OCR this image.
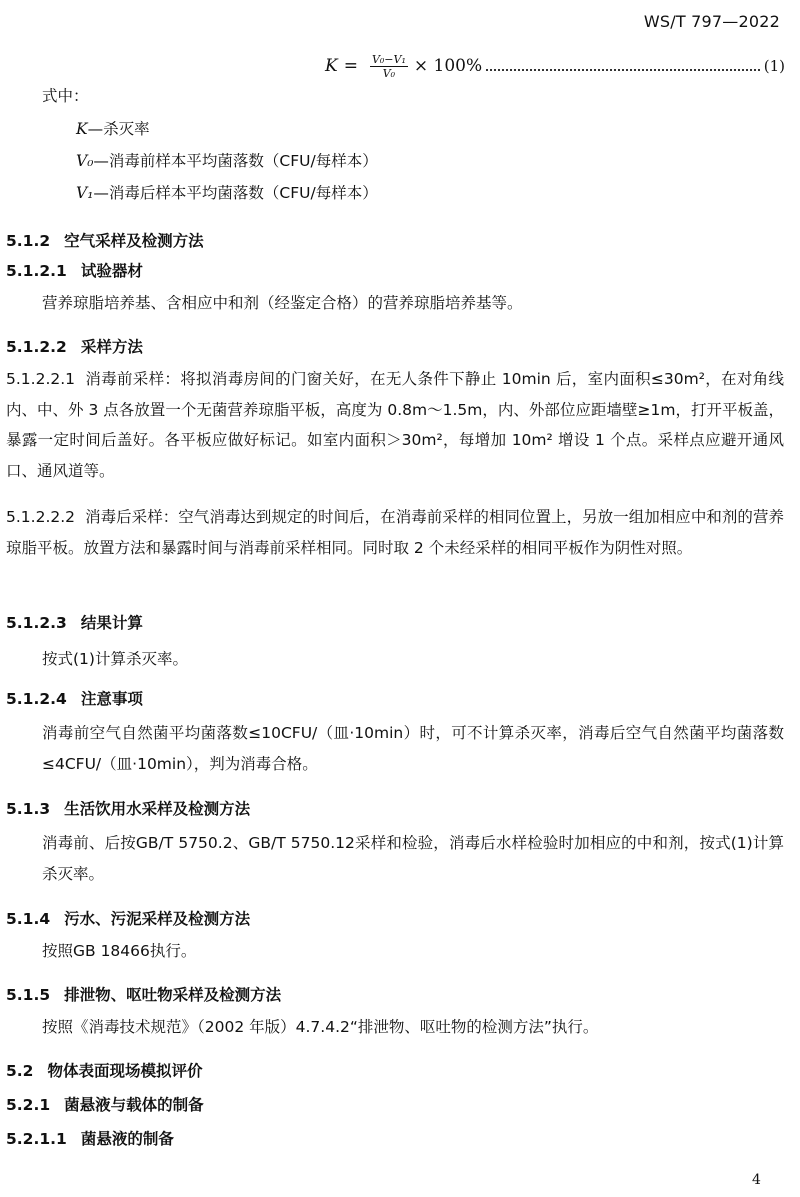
WS/T 797—2022
$K = \frac{\text{V₀−V₁}}{\text{V₀}} \times 100\%$	(1)
式中：
K—杀灭率
V₀—消毒前样本平均菌落数（CFU/每样本）
V₁—消毒后样本平均菌落数（CFU/每样本）
5.1.2 空气采样及检测方法
5.1.2.1 试验器材
营养琼脂培养基、含相应中和剂（经鉴定合格）的营养琼脂培养基等。
5.1.2.2 采样方法
5.1.2.2.1 消毒前采样：将拟消毒房间的门窗关好，在无人条件下静止 10min 后，室内面积≤30m²，在对角线内、中、外 3 点各放置一个无菌营养琼脂平板，高度为 0.8m～1.5m，内、外部位应距墙壁≥1m，打开平板盖，暴露一定时间后盖好。各平板应做好标记。如室内面积＞30m²，每增加 10m² 增设 1 个点。采样点应避开通风口、通风道等。
5.1.2.2.2 消毒后采样：空气消毒达到规定的时间后，在消毒前采样的相同位置上，另放一组加相应中和剂的营养琼脂平板。放置方法和暴露时间与消毒前采样相同。同时取 2 个未经采样的相同平板作为阴性对照。
5.1.2.3 结果计算
按式(1)计算杀灭率。
5.1.2.4 注意事项
消毒前空气自然菌平均菌落数≤10CFU/（皿·10min）时，可不计算杀灭率，消毒后空气自然菌平均菌落数≤4CFU/（皿·10min），判为消毒合格。
5.1.3 生活饮用水采样及检测方法
消毒前、后按GB/T 5750.2、GB/T 5750.12采样和检验，消毒后水样检验时加相应的中和剂，按式(1)计算杀灭率。
5.1.4 污水、污泥采样及检测方法
按照GB 18466执行。
5.1.5 排泄物、呕吐物采样及检测方法
按照《消毒技术规范》（2002 年版）4.7.4.2“排泄物、呕吐物的检测方法”执行。
5.2 物体表面现场模拟评价
5.2.1 菌悬液与载体的制备
5.2.1.1 菌悬液的制备
4
